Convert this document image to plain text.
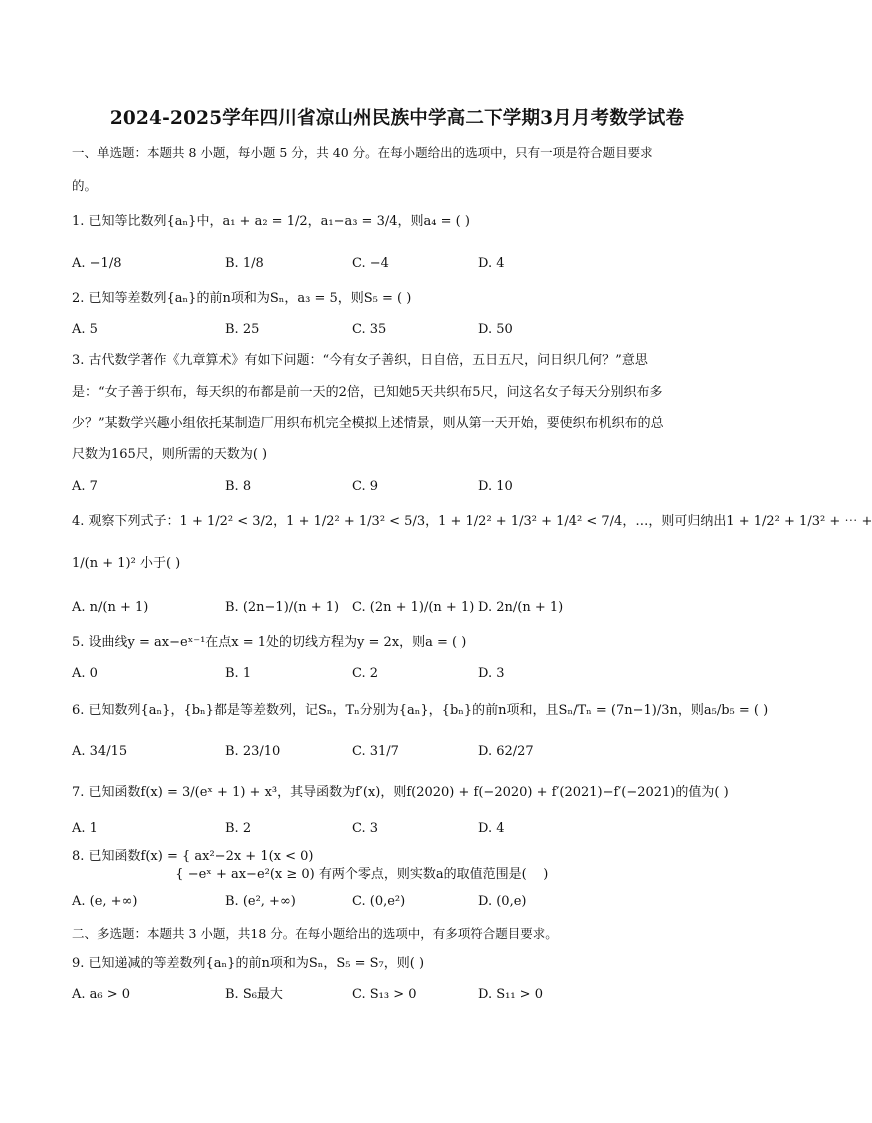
2024-2025学年四川省凉山州民族中学高二下学期3月月考数学试卷
一、单选题：本题共 8 小题，每小题 5 分，共 40 分。在每小题给出的选项中，只有一项是符合题目要求
的。
1. 已知等比数列{aₙ}中，a₁ + a₂ = 1/2，a₁−a₃ = 3/4，则a₄ = ( )
A. −1/8	B. 1/8	C. −4	D. 4
2. 已知等差数列{aₙ}的前n项和为Sₙ，a₃ = 5，则S₅ = ( )
A. 5	B. 25	C. 35	D. 50
3. 古代数学著作《九章算术》有如下问题：“今有女子善织，日自倍，五日五尺，问日织几何？”意思
是：“女子善于织布，每天织的布都是前一天的2倍，已知她5天共织布5尺，问这名女子每天分别织布多
少？”某数学兴趣小组依托某制造厂用织布机完全模拟上述情景，则从第一天开始，要使织布机织布的总
尺数为165尺，则所需的天数为( )
A. 7	B. 8	C. 9	D. 10
4. 观察下列式子：1 + 1/2² < 3/2，1 + 1/2² + 1/3² < 5/3，1 + 1/2² + 1/3² + 1/4² < 7/4，…，则可归纳出1 + 1/2² + 1/3² + ⋯ +
1/(n + 1)² 小于( )
A. n/(n + 1)	B. (2n−1)/(n + 1) C. (2n + 1)/(n + 1) D. 2n/(n + 1)
5. 设曲线y = ax−eˣ⁻¹在点x = 1处的切线方程为y = 2x，则a = ( )
A. 0	B. 1	C. 2	D. 3
6. 已知数列{aₙ}，{bₙ}都是等差数列，记Sₙ，Tₙ分别为{aₙ}，{bₙ}的前n项和，且Sₙ/Tₙ = (7n−1)/3n，则a₅/b₅ = ( )
A. 34/15	B. 23/10	C. 31/7	D. 62/27
7. 已知函数f(x) = 3/(eˣ + 1) + x³，其导函数为f′(x)，则f(2020) + f(−2020) + f′(2021)−f′(−2021)的值为( )
A. 1	B. 2	C. 3	D. 4
8. 已知函数f(x) = { ax²−2x + 1(x < 0)
{ −eˣ + ax−e²(x ≥ 0) 有两个零点，则实数a的取值范围是(    )
A. (e, +∞)	B. (e², +∞)	C. (0,e²)	D. (0,e)
二、多选题：本题共 3 小题，共18 分。在每小题给出的选项中，有多项符合题目要求。
9. 已知递减的等差数列{aₙ}的前n项和为Sₙ，S₅ = S₇，则( )
A. a₆ > 0	B. S₆最大	C. S₁₃ > 0	D. S₁₁ > 0
